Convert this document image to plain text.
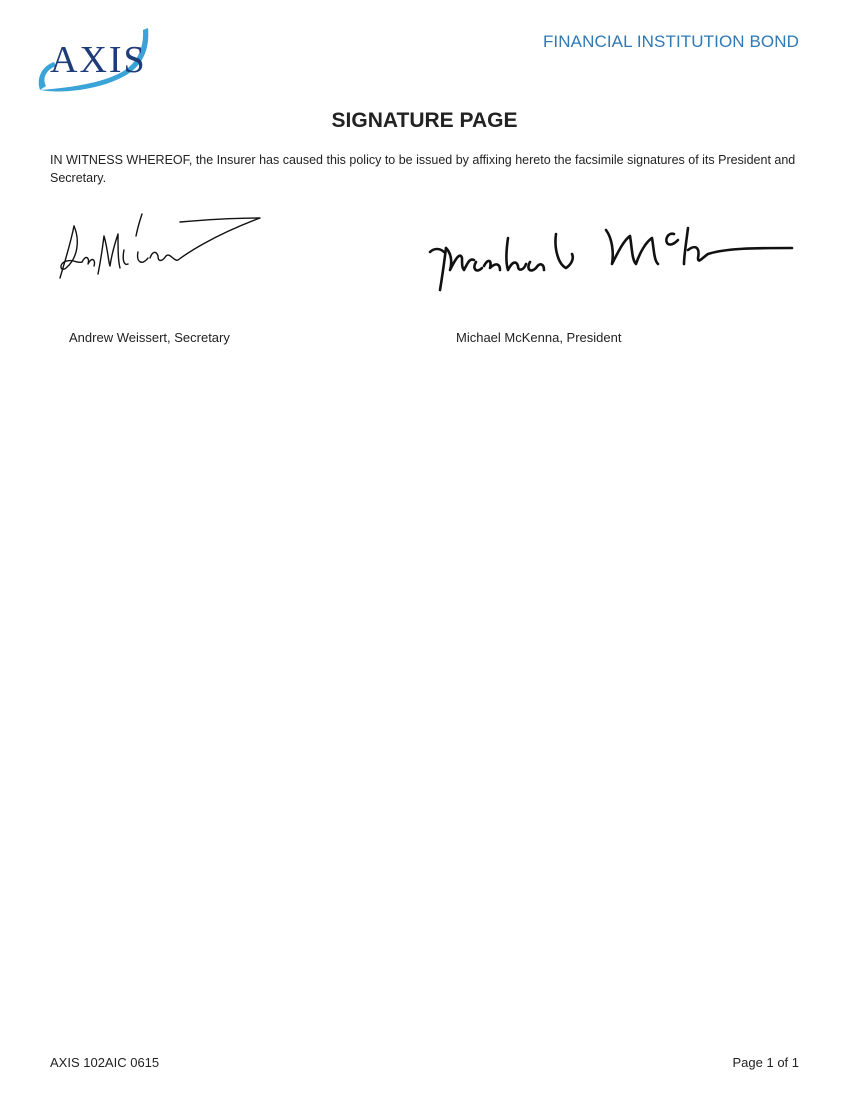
AXIS	FINANCIAL INSTITUTION BOND
SIGNATURE PAGE

IN WITNESS WHEREOF, the Insurer has caused this policy to be issued by affixing hereto the facsimile signatures of its President and Secretary.

Andrew Weissert, Secretary	Michael McKenna, President
AXIS 102AIC 0615	Page 1 of 1
